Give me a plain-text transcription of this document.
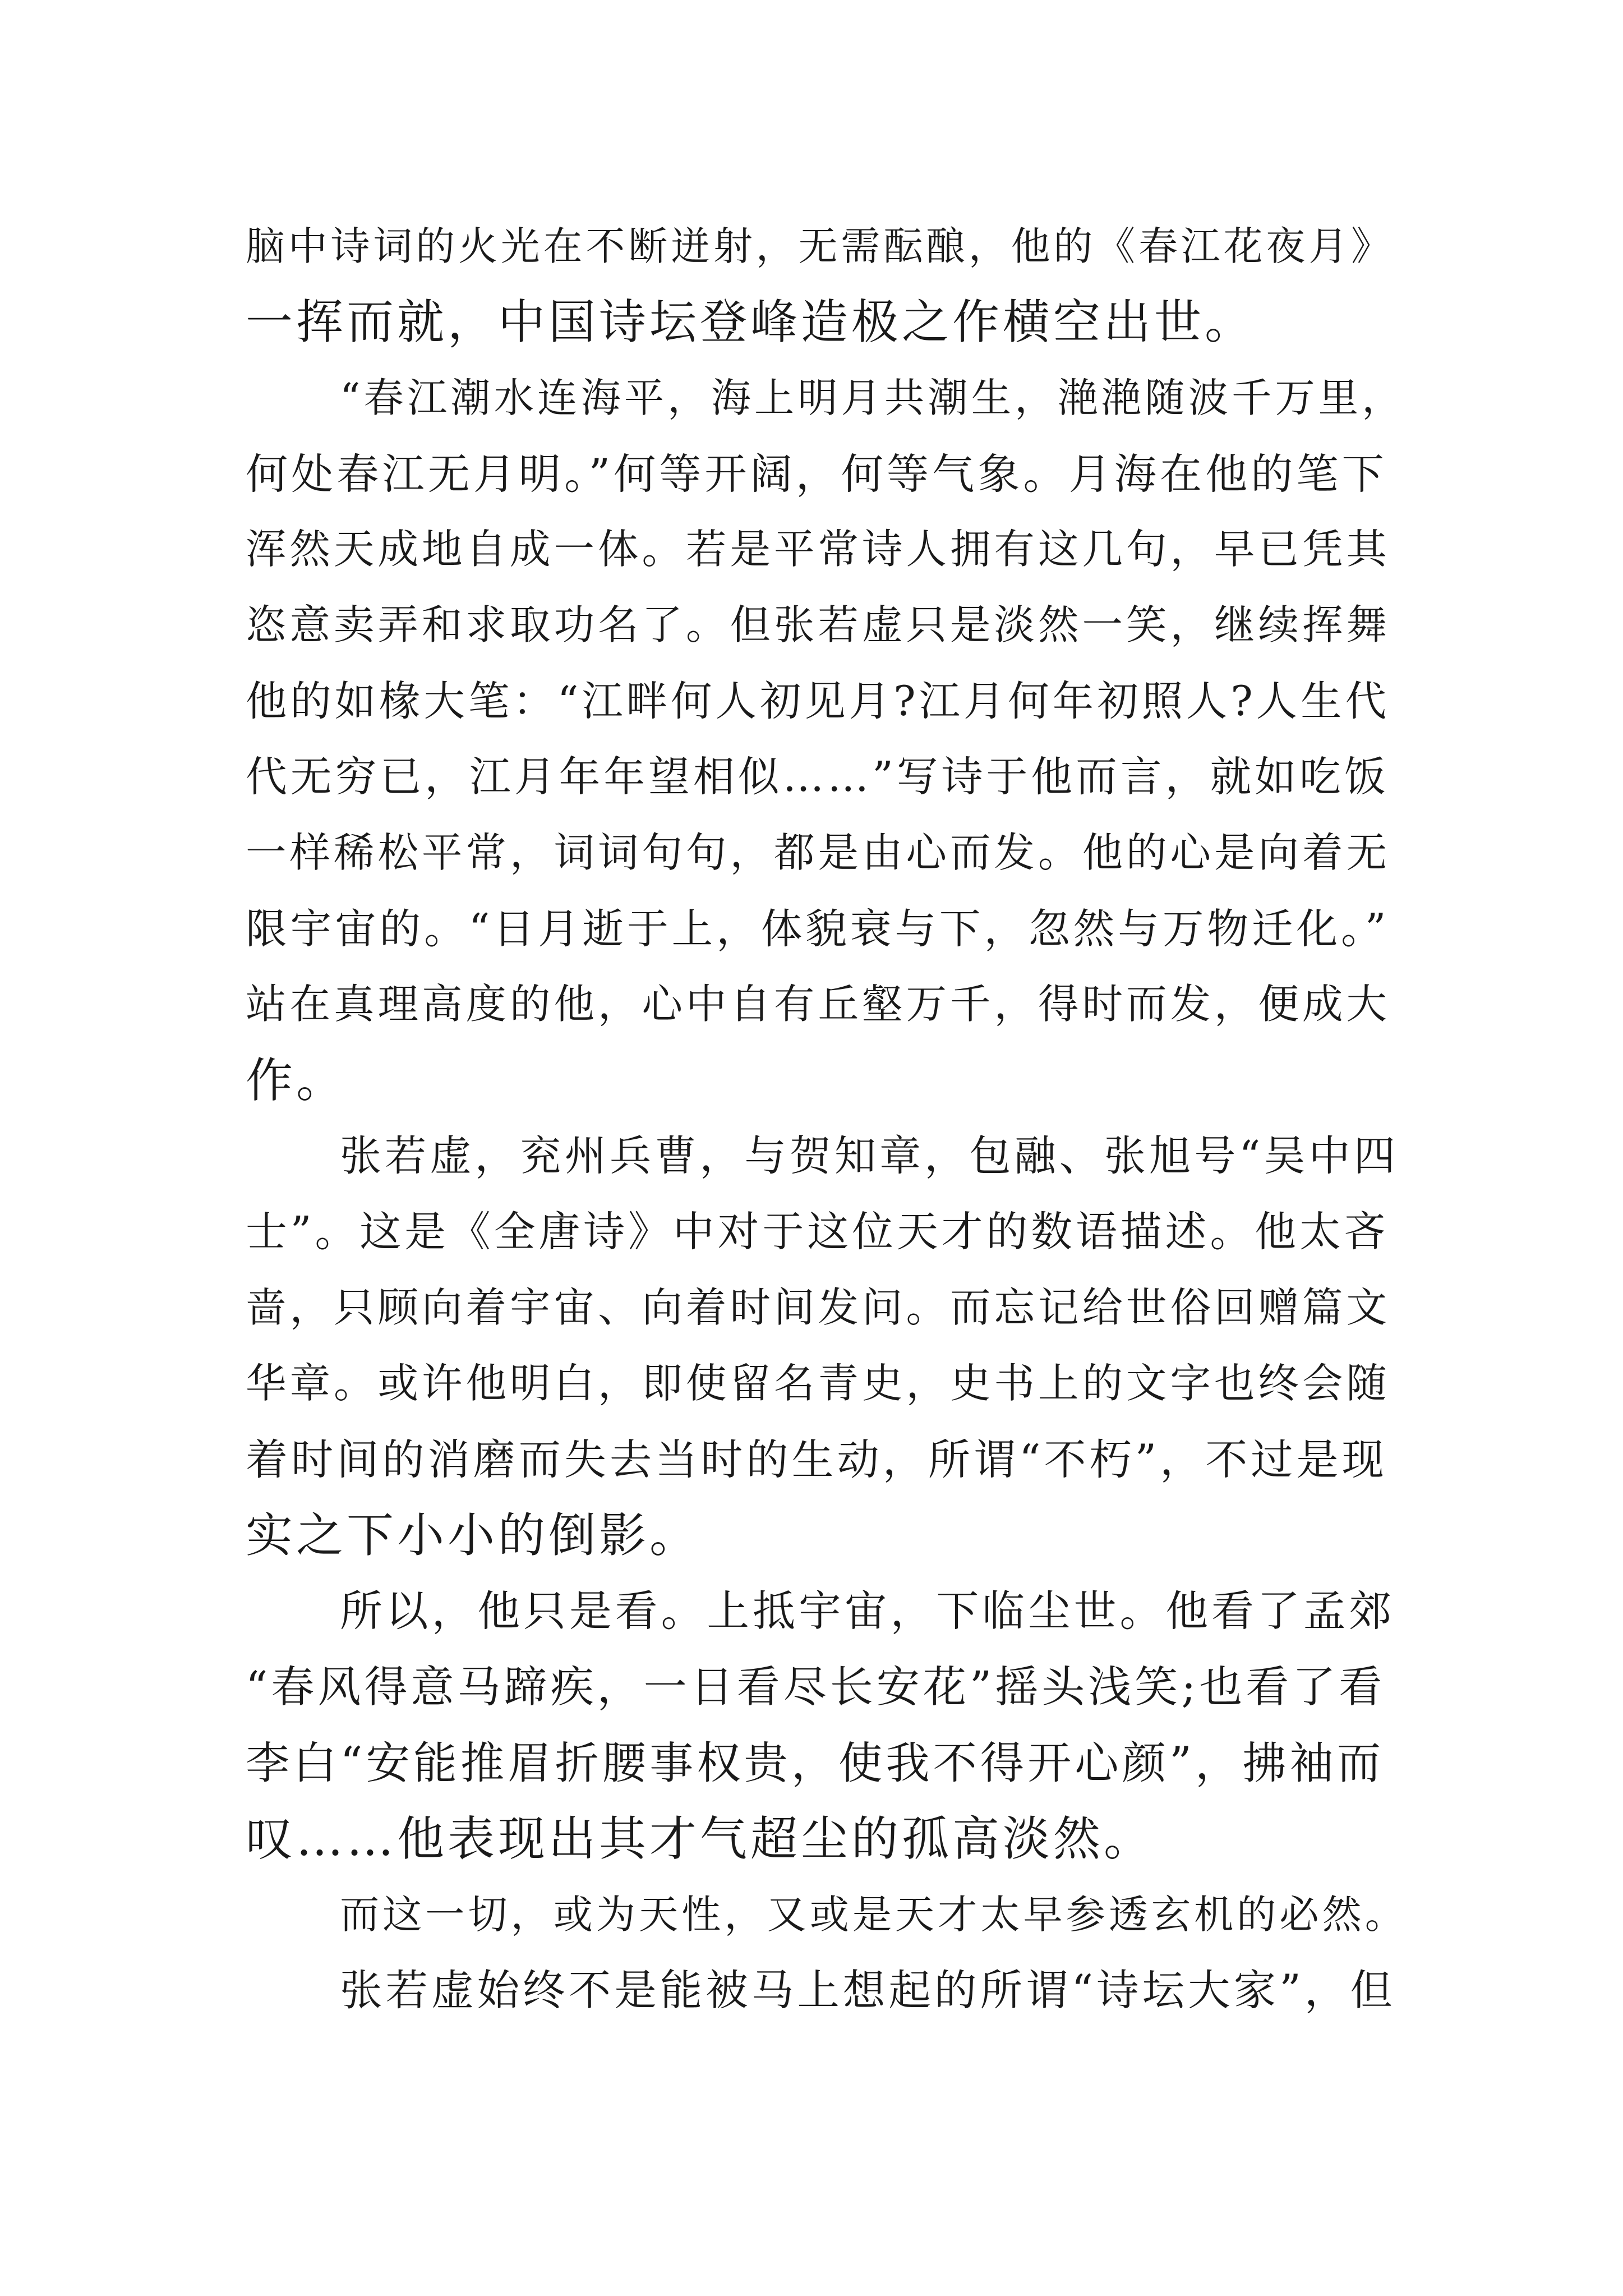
脑中诗词的火光在不断迸射，无需酝酿，他的《春江花夜月》
一挥而就，中国诗坛登峰造极之作横空出世。
“春江潮水连海平，海上明月共潮生，滟滟随波千万里，
何处春江无月明。”何等开阔，何等气象。月海在他的笔下
浑然天成地自成一体。若是平常诗人拥有这几句，早已凭其
恣意卖弄和求取功名了。但张若虚只是淡然一笑，继续挥舞
他的如椽大笔：“江畔何人初见月?江月何年初照人?人生代
代无穷已，江月年年望相似……”写诗于他而言，就如吃饭
一样稀松平常，词词句句，都是由心而发。他的心是向着无
限宇宙的。“日月逝于上，体貌衰与下，忽然与万物迁化。”
站在真理高度的他，心中自有丘壑万千，得时而发，便成大
作。
张若虚，兖州兵曹，与贺知章，包融、张旭号“吴中四
士”。这是《全唐诗》中对于这位天才的数语描述。他太吝
啬，只顾向着宇宙、向着时间发问。而忘记给世俗回赠篇文
华章。或许他明白，即使留名青史，史书上的文字也终会随
着时间的消磨而失去当时的生动，所谓“不朽”，不过是现
实之下小小的倒影。
所以，他只是看。上抵宇宙，下临尘世。他看了孟郊
“春风得意马蹄疾，一日看尽长安花”摇头浅笑;也看了看
李白“安能推眉折腰事权贵，使我不得开心颜”，拂袖而
叹……他表现出其才气超尘的孤高淡然。
而这一切，或为天性，又或是天才太早参透玄机的必然。
张若虚始终不是能被马上想起的所谓“诗坛大家”，但
